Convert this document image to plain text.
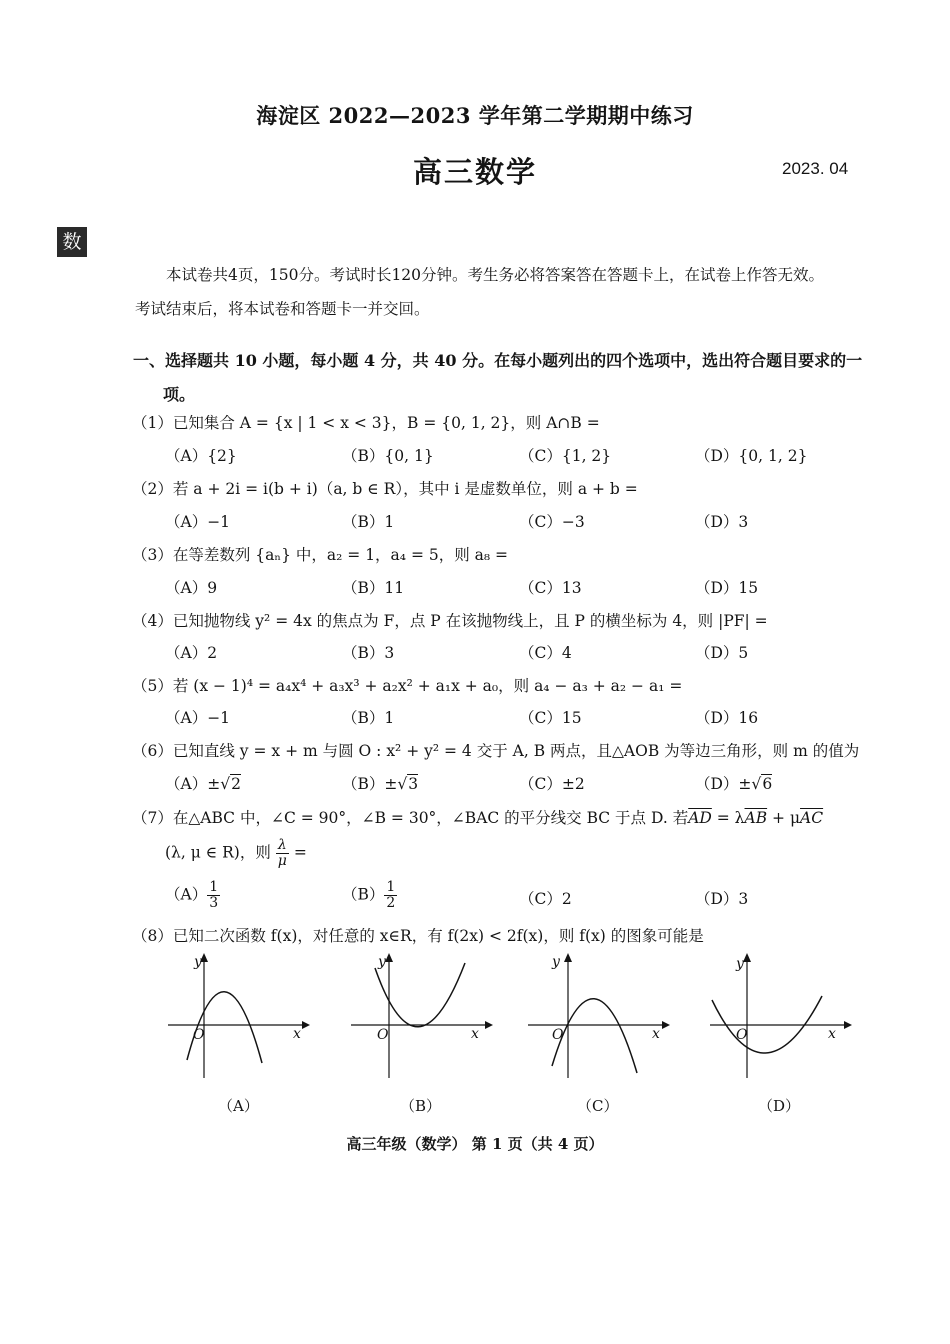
海淀区 2022—2023 学年第二学期期中练习
高三数学	2023. 04
数
本试卷共4页，150分。考试时长120分钟。考生务必将答案答在答题卡上，在试卷上作答无效。考试结束后，将本试卷和答题卡一并交回。
一、选择题共 10 小题，每小题 4 分，共 40 分。在每小题列出的四个选项中，选出符合题目要求的一项。
（1）已知集合 A = {x | 1 < x < 3}，B = {0, 1, 2}，则 A∩B =
（A）{2}	（B）{0, 1}	（C）{1, 2}	（D）{0, 1, 2}
（2）若 a + 2i = i(b + i)（a, b ∈ R），其中 i 是虚数单位，则 a + b =
（A）−1	（B）1	（C）−3	（D）3
（3）在等差数列 {aₙ} 中，a₂ = 1，a₄ = 5，则 a₈ =
（A）9	（B）11	（C）13	（D）15
（4）已知抛物线 y² = 4x 的焦点为 F，点 P 在该抛物线上，且 P 的横坐标为 4，则 |PF| =
（A）2	（B）3	（C）4	（D）5
（5）若 (x − 1)⁴ = a₄x⁴ + a₃x³ + a₂x² + a₁x + a₀，则 a₄ − a₃ + a₂ − a₁ =
（A）−1	（B）1	（C）15	（D）16
（6）已知直线 y = x + m 与圆 O : x² + y² = 4 交于 A, B 两点，且△AOB 为等边三角形，则 m 的值为
（A）±√2	（B）±√3	（C）±2	（D）±√6
（7）在△ABC 中，∠C = 90°，∠B = 30°，∠BAC 的平分线交 BC 于点 D. 若$\overline{AD} = \lambda\overline{AB} + \mu\overline{AC}$
(λ, μ ∈ R)，则 $\frac{\lambda}{\mu}$ =
$(A) \frac{1}{3}$	$(B) \frac{1}{2}$	（C）2	（D）3
（8）已知二次函数 f(x)，对任意的 x∈R，有 f(2x) < 2f(x)，则 f(x) 的图象可能是
y
x
O
（A）
y
x
O
（B）
y
x
O
（C）
y
x
O
（D）
高三年级（数学） 第 1 页（共 4 页）
